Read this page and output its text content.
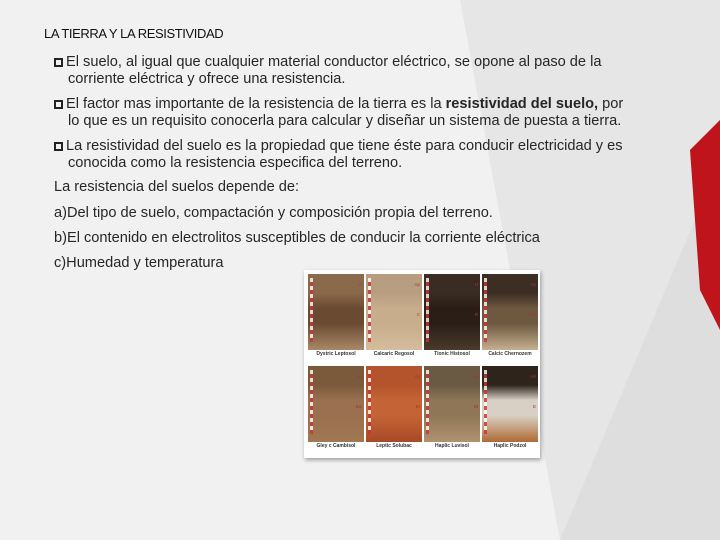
LA TIERRA Y LA RESISTIVIDAD
El suelo, al igual que cualquier material conductor eléctrico, se opone al paso de la
corriente eléctrica y ofrece una resistencia.
El factor mas importante de la resistencia de la tierra es la resistividad del suelo, por
lo que es un requisito conocerla para calcular y diseñar un sistema de puesta a tierra.
La resistividad del suelo es la propiedad que tiene éste para conducir electricidad y es
conocida como la resistencia especifica del terreno.
La resistencia del suelos depende de:
a)Del tipo de suelo, compactación y composición propia del terreno.
b)El contenido en electrolitos susceptibles de conducir la corriente eléctrica
c)Humedad y temperatura
A
R
Dystric Leptosol
Ap
C
Calcaric Regosol
H
R
Tionic Histosol
Ah
Cck
Calcic Chernozem
Ah
Bw
Gley c Cambisol
Ap
Bt
Leptic Solubac
Ap
Bt
Haplic Luvisol
Ah
E
Haplic Podzol
